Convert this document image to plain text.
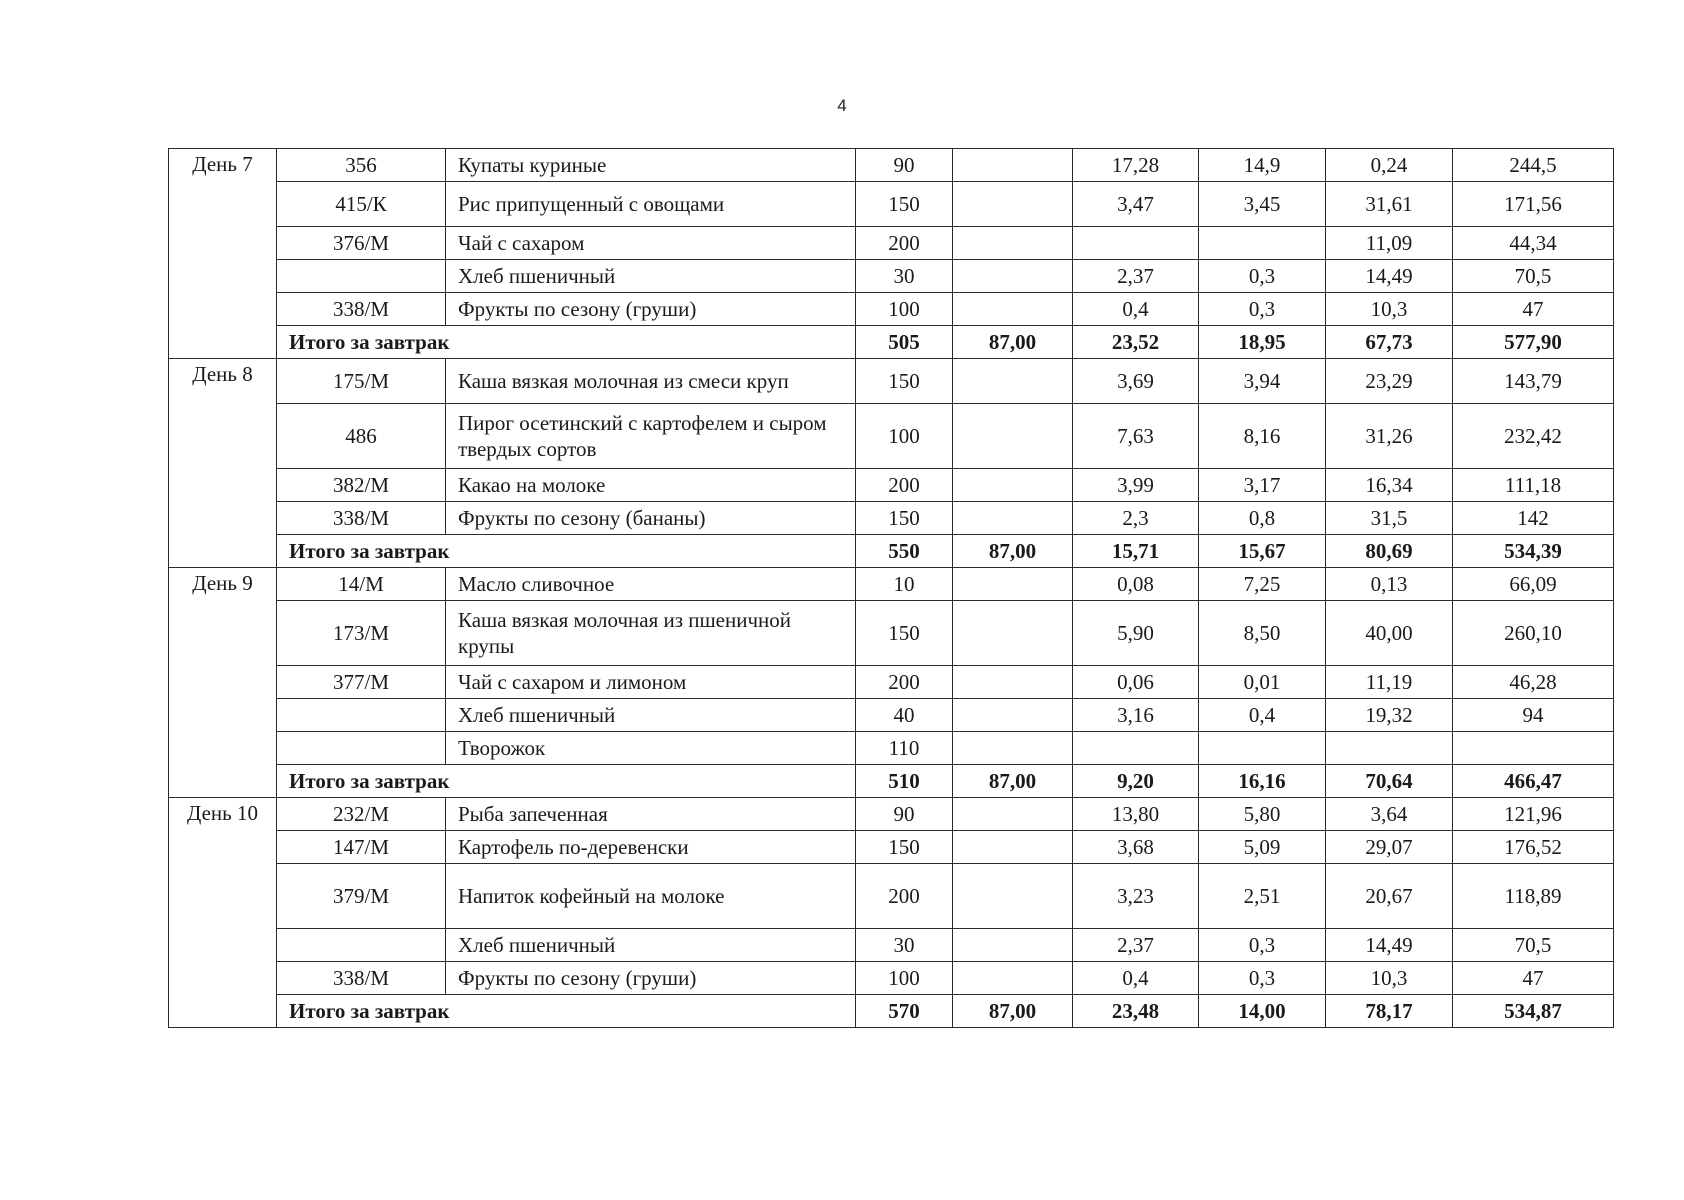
4
День 7	356	Купаты куриные	90		17,28	14,9	0,24	244,5
	415/К	Рис припущенный с овощами	150		3,47	3,45	31,61	171,56
	376/М	Чай с сахаром	200				11,09	44,34
		Хлеб пшеничный	30		2,37	0,3	14,49	70,5
	338/М	Фрукты по сезону (груши)	100		0,4	0,3	10,3	47
	Итого за завтрак		505	87,00	23,52	18,95	67,73	577,90
День 8	175/М	Каша вязкая молочная из смеси круп	150		3,69	3,94	23,29	143,79
	486	Пирог осетинский с картофелем и сыром твердых сортов	100		7,63	8,16	31,26	232,42
	382/М	Какао на молоке	200		3,99	3,17	16,34	111,18
	338/М	Фрукты по сезону (бананы)	150		2,3	0,8	31,5	142
	Итого за завтрак		550	87,00	15,71	15,67	80,69	534,39
День 9	14/М	Масло сливочное	10		0,08	7,25	0,13	66,09
	173/М	Каша вязкая молочная из пшеничной крупы	150		5,90	8,50	40,00	260,10
	377/М	Чай с сахаром и лимоном	200		0,06	0,01	11,19	46,28
		Хлеб пшеничный	40		3,16	0,4	19,32	94
		Творожок	110					
	Итого за завтрак		510	87,00	9,20	16,16	70,64	466,47
День 10	232/М	Рыба запеченная	90		13,80	5,80	3,64	121,96
	147/М	Картофель по-деревенски	150		3,68	5,09	29,07	176,52
	379/М	Напиток кофейный на молоке	200		3,23	2,51	20,67	118,89
		Хлеб пшеничный	30		2,37	0,3	14,49	70,5
	338/М	Фрукты по сезону (груши)	100		0,4	0,3	10,3	47
	Итого за завтрак		570	87,00	23,48	14,00	78,17	534,87
